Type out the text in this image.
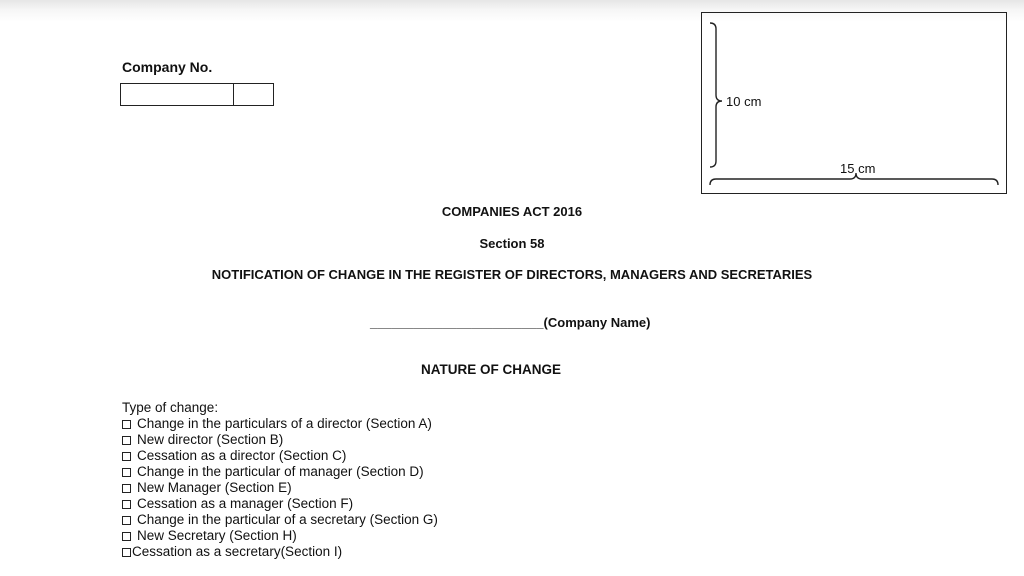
Company No.
10 cm
15 cm
COMPANIES ACT 2016
Section 58
NOTIFICATION OF CHANGE IN THE REGISTER OF DIRECTORS, MANAGERS AND SECRETARIES
________________________(Company Name)
NATURE OF CHANGE
Type of change:
Change in the particulars of a director (Section A)
New director (Section B)
Cessation as a director (Section C)
Change in the particular of manager (Section D)
New Manager (Section E)
Cessation as a manager (Section F)
Change in the particular of a secretary (Section G)
New Secretary (Section H)
Cessation as a secretary(Section I)
